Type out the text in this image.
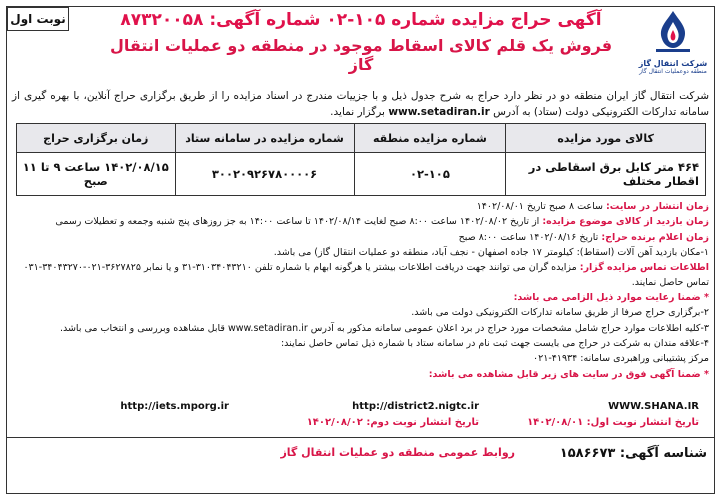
نوبت اول
شرکت انتقال گاز
منطقه دوعملیات انتقال گاز
آگهی حراج مزایده شماره ۱۰۵-۰۲ شماره آگهی: ۸۷۳۲۰۰۵۸
فروش یک قلم کالای اسقاط موجود در منطقه دو عملیات انتقال گاز
شرکت انتقال گاز ایران منطقه دو در نظر دارد حراج به شرح جدول ذیل و با جزییات مندرج در اسناد مزایده را از طریق برگزاری حراج آنلاین، با بهره گیری از سامانه تدارکات الکترونیکی دولت (ستاد) به آدرس www.setadiran.ir برگزار نماید.
کالای مورد مزایده	شماره مزایده منطقه	شماره مزایده در سامانه ستاد	زمان برگزاری حراج
۴۶۴ متر کابل برق اسقاطی در اقطار مختلف	۰۲-۱۰۵	۳۰۰۲۰۹۲۶۷۸۰۰۰۰۶	۱۴۰۲/۰۸/۱۵ ساعت ۹ تا ۱۱ صبح
زمان انتشار در سایت: ساعت ۸ صبح تاریخ ۱۴۰۲/۰۸/۰۱
زمان بازدید از کالای موضوع مزایده: از تاریخ ۱۴۰۲/۰۸/۰۲ ساعت ۸:۰۰ صبح لغایت ۱۴۰۲/۰۸/۱۴ تا ساعت ۱۴:۰۰ به جز روزهای پنج شنبه وجمعه و تعطیلات رسمی
زمان اعلام برنده حراج: تاریخ ۱۴۰۲/۰۸/۱۶ ساعت ۸:۰۰ صبح
۱-مکان بازدید آهن آلات (اسقاط): کیلومتر ۱۷ جاده اصفهان - نجف آباد، منطقه دو عملیات انتقال گاز) می باشد.
اطلاعات تماس مزایده گزار: مزایده گران می توانند جهت دریافت اطلاعات بیشتر یا هرگونه ابهام با شماره تلفن ۳۱۰۳۴۰۴۳۲۱۰-۳۱ و یا نمابر ۳۶۲۷۸۲۵-۰۲۱-۳۴۰۴۳۲۷۰-۰۳۱ تماس حاصل نمایند.
* ضمنا رعایت موارد ذیل الزامی می باشد:
۲-برگزاری حراج صرفا از طریق سامانه تدارکات الکترونیکی دولت می باشد.
۳-کلیه اطلاعات موارد حراج شامل مشخصات مورد حراج در برد اعلان عمومی سامانه مذکور به آدرس www.setadiran.ir قابل مشاهده وبررسی و انتخاب می باشد.
۴-علاقه مندان به شرکت در حراج می بایست جهت ثبت نام در سامانه ستاد با شماره ذیل تماس حاصل نمایند:
مرکز پشتیبانی وراهبردی سامانه: ۴۱۹۳۴-۰۲۱
* ضمنا آگهی فوق در سایت های زیر قابل مشاهده می باشد:
WWW.SHANA.IR
http://district2.nigtc.ir
http://iets.mporg.ir
تاریخ انتشار نوبت اول: ۱۴۰۲/۰۸/۰۱
تاریخ انتشار نوبت دوم: ۱۴۰۲/۰۸/۰۲
شناسه آگهی: ۱۵۸۶۶۷۳
روابط عمومی منطقه دو عملیات انتقال گاز
